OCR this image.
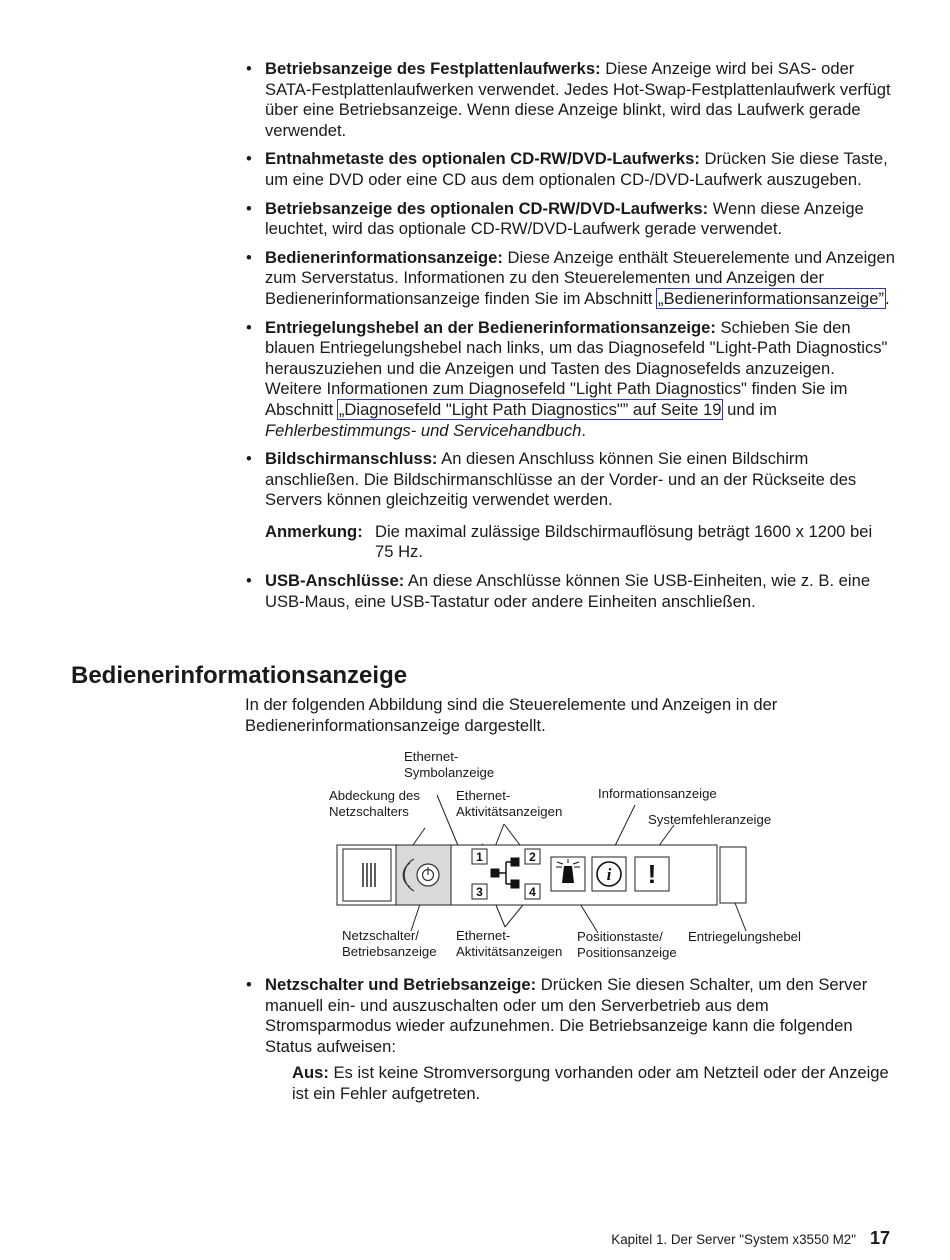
• Betriebsanzeige des Festplattenlaufwerks: Diese Anzeige wird bei SAS- oder SATA-Festplattenlaufwerken verwendet. Jedes Hot-Swap-Festplattenlaufwerk verfügt über eine Betriebsanzeige. Wenn diese Anzeige blinkt, wird das Laufwerk gerade verwendet.
• Entnahmetaste des optionalen CD-RW/DVD-Laufwerks: Drücken Sie diese Taste, um eine DVD oder eine CD aus dem optionalen CD-/DVD-Laufwerk auszugeben.
• Betriebsanzeige des optionalen CD-RW/DVD-Laufwerks: Wenn diese Anzeige leuchtet, wird das optionale CD-RW/DVD-Laufwerk gerade verwendet.
• Bedienerinformationsanzeige: Diese Anzeige enthält Steuerelemente und Anzeigen zum Serverstatus. Informationen zu den Steuerelementen und Anzeigen der Bedienerinformationsanzeige finden Sie im Abschnitt „Bedienerinformationsanzeige”.
• Entriegelungshebel an der Bedienerinformationsanzeige: Schieben Sie den blauen Entriegelungshebel nach links, um das Diagnosefeld "Light-Path Diagnostics" herauszuziehen und die Anzeigen und Tasten des Diagnosefelds anzuzeigen. Weitere Informationen zum Diagnosefeld "Light Path Diagnostics" finden Sie im Abschnitt „Diagnosefeld "Light Path Diagnostics"” auf Seite 19 und im Fehlerbestimmungs- und Servicehandbuch.
• Bildschirmanschluss: An diesen Anschluss können Sie einen Bildschirm anschließen. Die Bildschirmanschlüsse an der Vorder- und an der Rückseite des Servers können gleichzeitig verwendet werden.
Anmerkung: Die maximal zulässige Bildschirmauflösung beträgt 1600 x 1200 bei 75 Hz.
• USB-Anschlüsse: An diese Anschlüsse können Sie USB-Einheiten, wie z. B. eine USB-Maus, eine USB-Tastatur oder andere Einheiten anschließen.
Bedienerinformationsanzeige

In der folgenden Abbildung sind die Steuerelemente und Anzeigen in der Bedienerinformationsanzeige dargestellt.

1	2
3	4
i !
Ethernet-
Symbolanzeige
Abdeckung des
Netzschalters
Ethernet-
Aktivitätsanzeigen
Informationsanzeige
Systemfehleranzeige
Netzschalter/
Betriebsanzeige
Ethernet-
Aktivitätsanzeigen
Positionstaste/
Positionsanzeige
Entriegelungshebel
• Netzschalter und Betriebsanzeige: Drücken Sie diesen Schalter, um den Server manuell ein- und auszuschalten oder um den Serverbetrieb aus dem Stromsparmodus wieder aufzunehmen. Die Betriebsanzeige kann die folgenden Status aufweisen:
Aus: Es ist keine Stromversorgung vorhanden oder am Netzteil oder der Anzeige ist ein Fehler aufgetreten.
Kapitel 1. Der Server "System x3550 M2" 17
